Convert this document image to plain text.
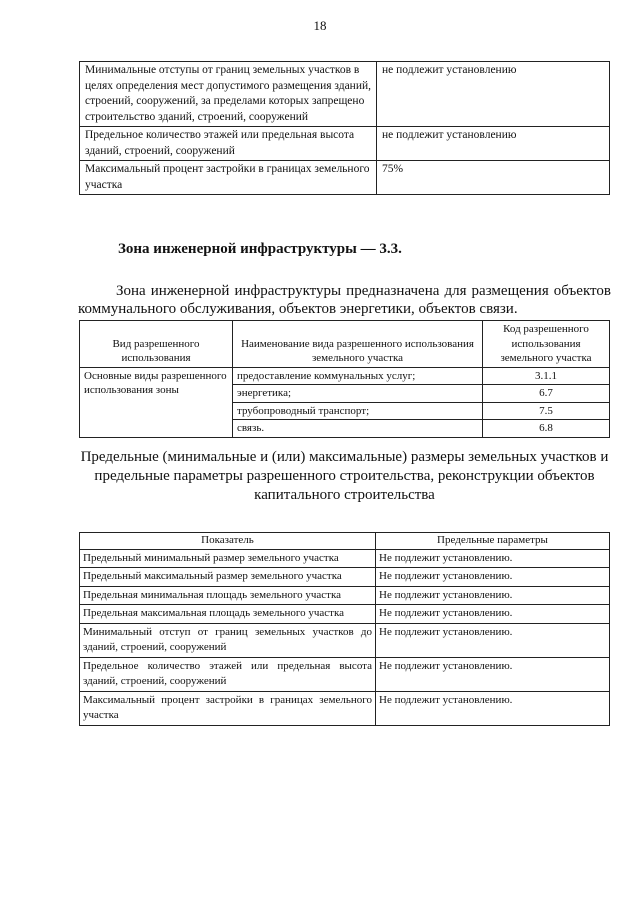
18
Минимальные отступы от границ земельных участков в целях определения мест допустимого размещения зданий, строений, сооружений, за пределами которых запрещено строительство зданий, строений, сооружений	не подлежит установлению
Предельное количество этажей или предельная высота зданий, строений, сооружений	не подлежит установлению
Максимальный процент застройки в границах земельного участка	75%
Зона инженерной инфраструктуры — 3.3.
Зона инженерной инфраструктуры предназначена для размещения объектов коммунального обслуживания, объектов энергетики, объектов связи.
Вид разрешенного использования	Наименование вида разрешенного использования земельного участка	Код разрешенного использования земельного участка
Основные виды разрешенного использования зоны	предоставление коммунальных услуг;	3.1.1
	энергетика;	6.7
	трубопроводный транспорт;	7.5
	связь.	6.8
Предельные (минимальные и (или) максимальные) размеры земельных участков и предельные параметры разрешенного строительства, реконструкции объектов капитального строительства
Показатель	Предельные параметры
Предельный минимальный размер земельного участка	Не подлежит установлению.
Предельный максимальный размер земельного участка	Не подлежит установлению.
Предельная минимальная площадь земельного участка	Не подлежит установлению.
Предельная максимальная площадь земельного участка	Не подлежит установлению.
Минимальный отступ от границ земельных участков до зданий, строений, сооружений	Не подлежит установлению.
Предельное количество этажей или предельная высота зданий, строений, сооружений	Не подлежит установлению.
Максимальный процент застройки в границах земельного участка	Не подлежит установлению.
